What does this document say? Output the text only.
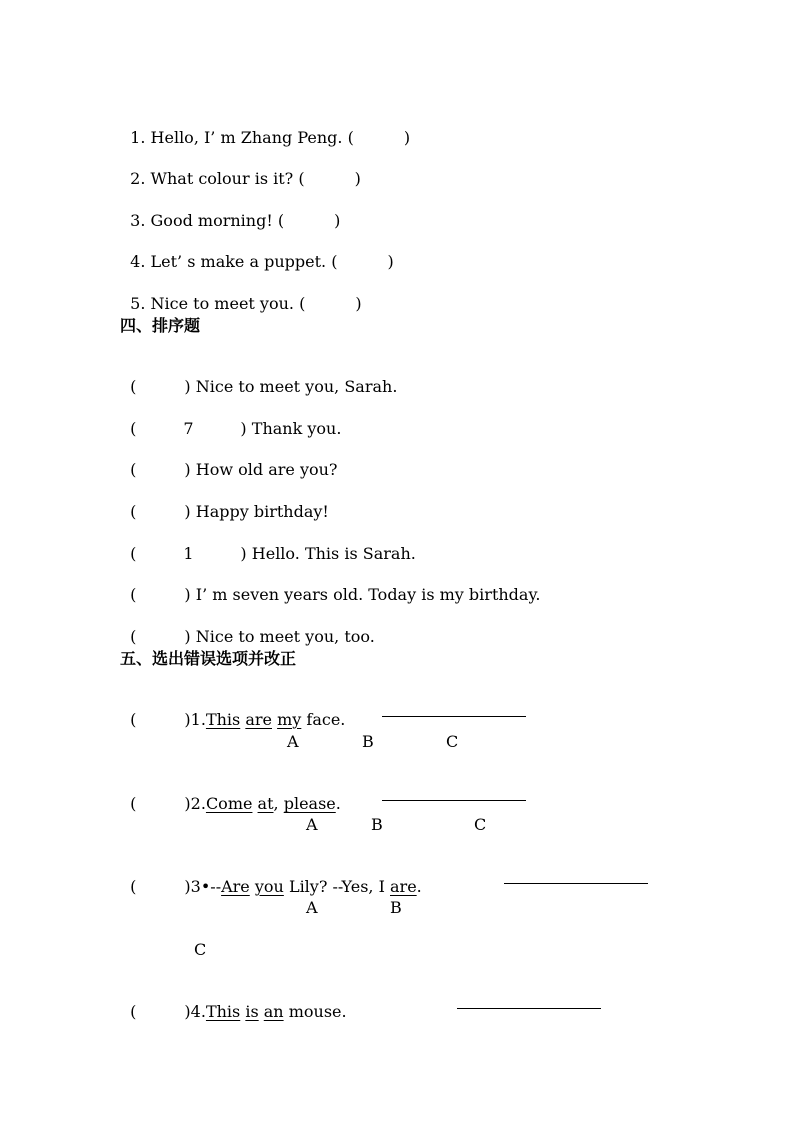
1. Hello, I’ m Zhang Peng. (	)

2. What colour is it? (	)

3. Good morning! (	)

4. Let’ s make a puppet. (	)

5. Nice to meet you. (	)

四、排序题

(	) Nice to meet you, Sarah.

(	7	) Thank you.

(	) How old are you?

(	) Happy birthday!

(	1	) Hello. This is Sarah.

(	) I’ m seven years old. Today is my birthday.

(	) Nice to meet you, too.

五、选出错误选项并改正

(	)1.This are my face.

A	B	C

(	)2.Come at, please.

A	B	C

(	)3•--Are you Lily? --Yes, I are.

A	B
C

(	)4.This is an mouse.
